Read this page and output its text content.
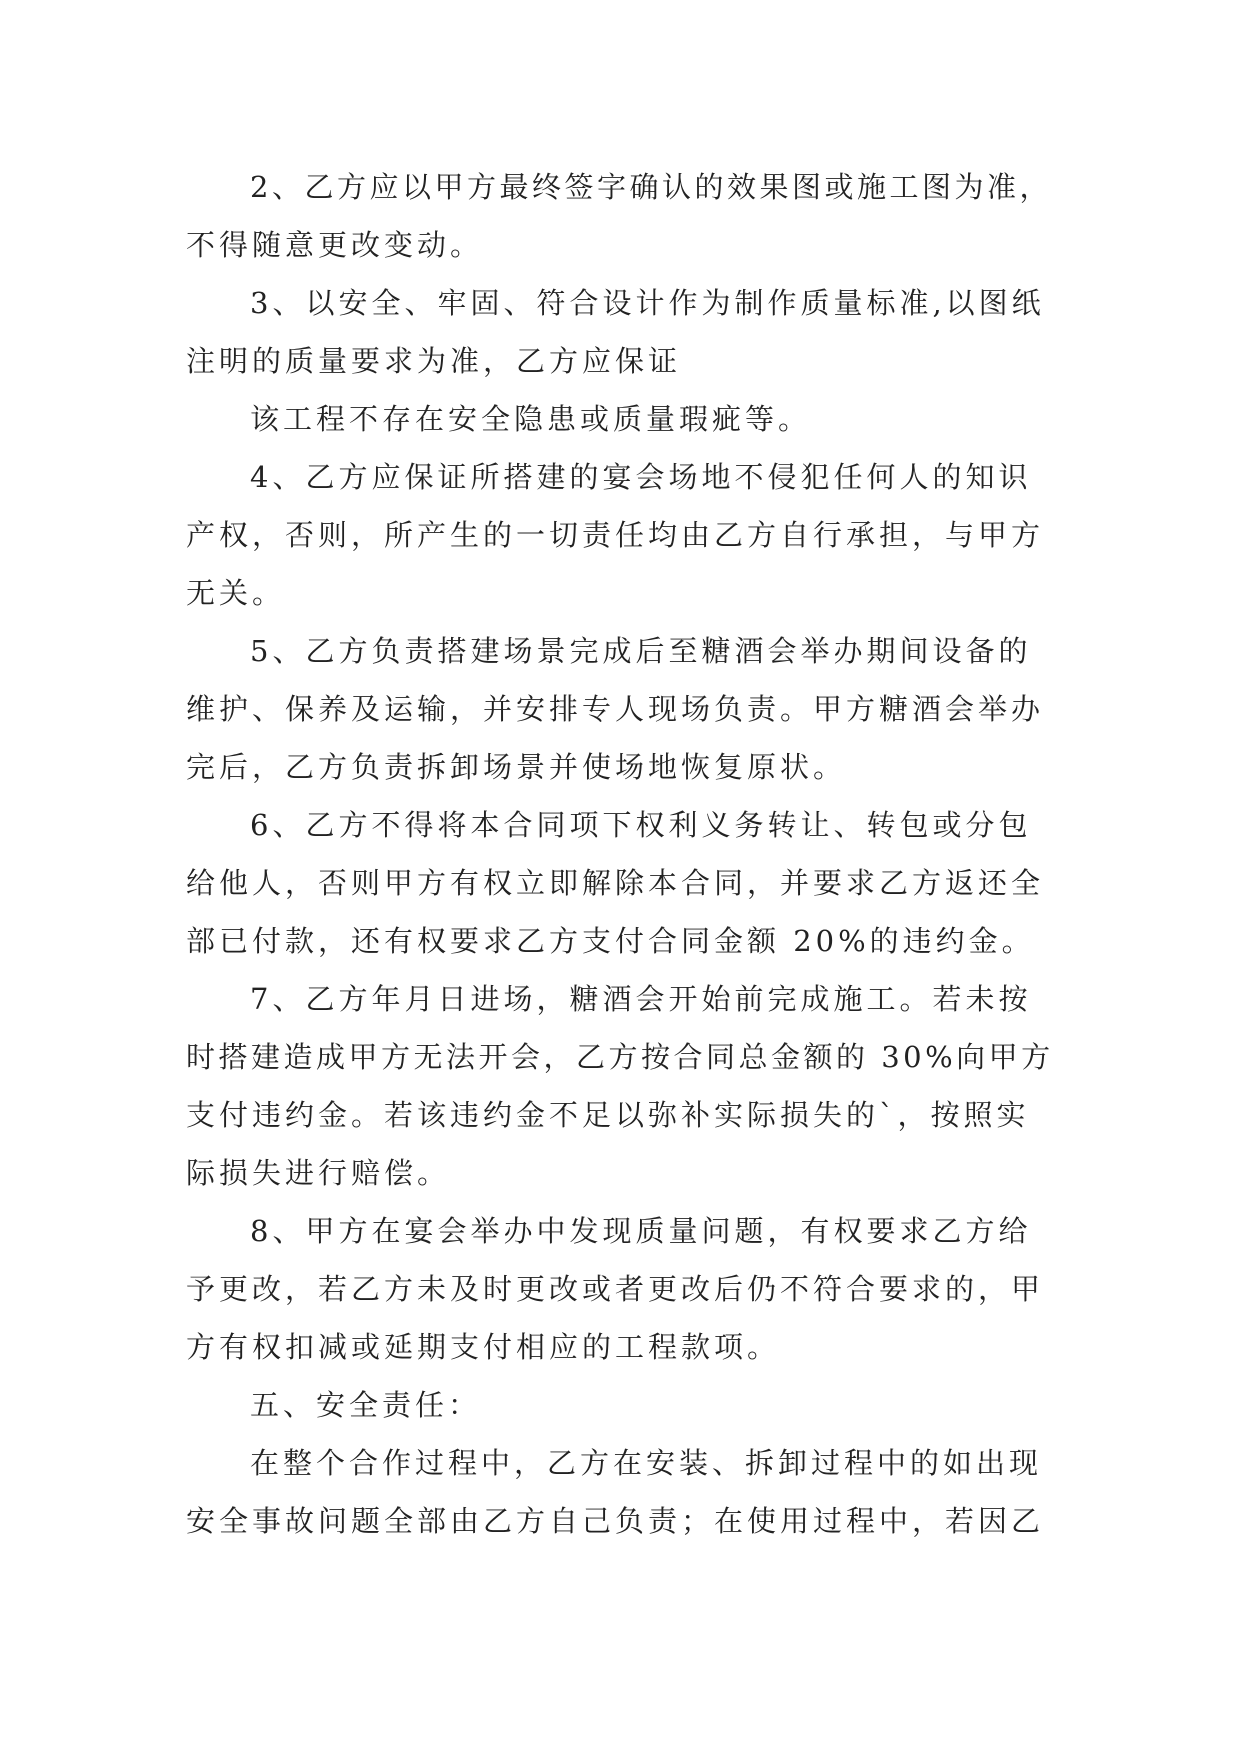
2、乙方应以甲方最终签字确认的效果图或施工图为准，
不得随意更改变动。
3、以安全、牢固、符合设计作为制作质量标准,以图纸
注明的质量要求为准，乙方应保证
该工程不存在安全隐患或质量瑕疵等。
4、乙方应保证所搭建的宴会场地不侵犯任何人的知识
产权，否则，所产生的一切责任均由乙方自行承担，与甲方
无关。
5、乙方负责搭建场景完成后至糖酒会举办期间设备的
维护、保养及运输，并安排专人现场负责。甲方糖酒会举办
完后，乙方负责拆卸场景并使场地恢复原状。
6、乙方不得将本合同项下权利义务转让、转包或分包
给他人，否则甲方有权立即解除本合同，并要求乙方返还全
部已付款，还有权要求乙方支付合同金额 20%的违约金。
7、乙方年月日进场，糖酒会开始前完成施工。若未按
时搭建造成甲方无法开会，乙方按合同总金额的 30%向甲方
支付违约金。若该违约金不足以弥补实际损失的`，按照实
际损失进行赔偿。
8、甲方在宴会举办中发现质量问题，有权要求乙方给
予更改，若乙方未及时更改或者更改后仍不符合要求的，甲
方有权扣减或延期支付相应的工程款项。
五、安全责任：
在整个合作过程中，乙方在安装、拆卸过程中的如出现
安全事故问题全部由乙方自己负责；在使用过程中，若因乙
